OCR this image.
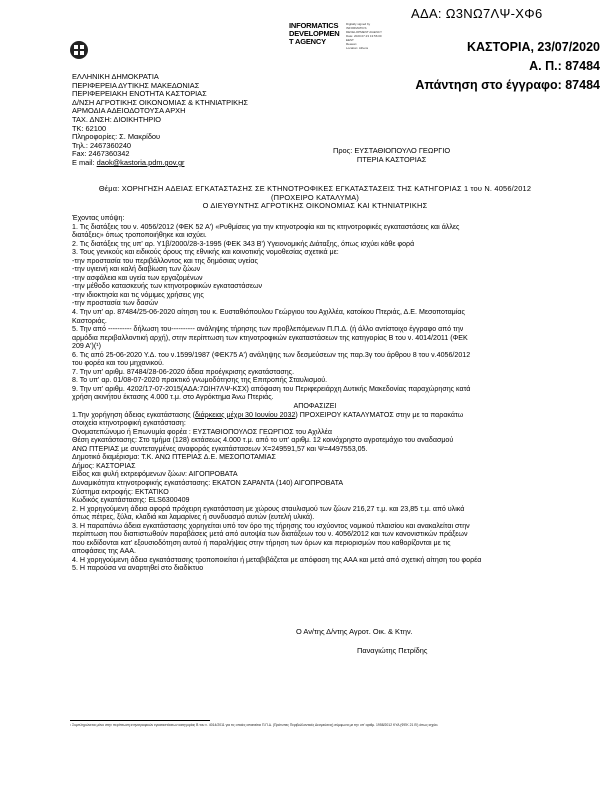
ΑΔΑ: Ω3ΝΩ7ΛΨ-ΧΦ6
INFORMATICS
DEVELOPMEN
T AGENCY
Digitally signed by
INFORMATICS
DEVELOPMENT AGENCY
Date: 2020.07.23 13:56:00
EEST
Reason:
Location: Athens	ΚΑΣΤΟΡΙΑ, 23/07/2020
Α. Π.: 87484
Απάντηση στο έγγραφο: 87484
ΕΛΛΗΝΙΚΗ ΔΗΜΟΚΡΑΤΙΑ
ΠΕΡΙΦΕΡΕΙΑ ΔΥΤΙΚΗΣ ΜΑΚΕΔΟΝΙΑΣ
ΠΕΡΙΦΕΡΕΙΑΚΗ ΕΝΟΤΗΤΑ ΚΑΣΤΟΡΙΑΣ
Δ/ΝΣΗ ΑΓΡΟΤΙΚΗΣ ΟΙΚΟΝΟΜΙΑΣ & ΚΤΗΝΙΑΤΡΙΚΗΣ
ΑΡΜΟΔΙΑ ΑΔΕΙΟΔΟΤΟΥΣΑ ΑΡΧΗ
ΤΑΧ. ΔΝΣΗ: ΔΙΟΙΚΗΤΗΡΙΟ
ΤΚ: 62100
Πληροφορίες: Σ. Μακρίδου
Τηλ.: 2467360240
Fax: 2467360342
E mail: daok@kastoria.pdm.gov.gr
Προς: ΕΥΣΤΑΘΙΟΠΟΥΛΟ ΓΕΩΡΓΙΟ
ΠΤΕΡΙΑ ΚΑΣΤΟΡΙΑΣ
Θέμα: ΧΟΡΗΓΗΣΗ ΑΔΕΙΑΣ ΕΓΚΑΤΑΣΤΑΣΗΣ ΣΕ ΚΤΗΝΟΤΡΟΦΙΚΕΣ ΕΓΚΑΤΑΣΤΑΣΕΙΣ ΤΗΣ ΚΑΤΗΓΟΡΙΑΣ 1 του Ν. 4056/2012 (ΠΡΟΧΕΙΡΟ ΚΑΤΑΛΥΜΑ)
Ο ΔΙΕΥΘΥΝΤΗΣ ΑΓΡΟΤΙΚΗΣ ΟΙΚΟΝΟΜΙΑΣ ΚΑΙ ΚΤΗΝΙΑΤΡΙΚΗΣ
Έχοντας υπόψη:
1. Τις διατάξεις του ν. 4056/2012 (ΦΕΚ 52 Α') «Ρυθμίσεις για την κτηνοτροφία και τις κτηνοτροφικές εγκαταστάσεις και άλλες
διατάξεις» όπως τροποποιήθηκε και ισχύει.
2. Τις διατάξεις της υπ' αρ. Υ1β/2000/28-3-1995 (ΦΕΚ 343 Β') Υγειονομικής Διάταξης, όπως ισχύει κάθε φορά
3. Τους γενικούς και ειδικούς όρους της εθνικής και κοινοτικής νομοθεσίας σχετικά με:
-την προστασία του περιβάλλοντος και της δημόσιας υγείας
-την υγιεινή και καλή διαβίωση των ζώων
-την ασφάλεια και υγεία των εργαζομένων
-την μέθοδο κατασκευής των κτηνοτροφικών εγκαταστάσεων
-την ιδιοκτησία και τις νόμιμες χρήσεις γης
-την προστασία των δασών
4. Την υπ' αρ. 87484/25-06-2020 αίτηση του κ. Ευσταθιόπουλου Γεώργιου του Αχιλλέα, κατοίκου Πτεριάς, Δ.Ε. Μεσοποταμίας
Καστοριάς.
5. Την από ---------- δήλωση του---------- ανάληψης τήρησης των προβλεπόμενων Π.Π.Δ. (ή άλλο αντίστοιχο έγγραφο από την
αρμόδια περιβαλλοντική αρχή), στην περίπτωση των κτηνοτροφικών εγκαταστάσεων της κατηγορίας Β του ν. 4014/2011 (ΦΕΚ
209 Α')(¹)
6. Τις από 25-06-2020 Υ.Δ. του ν.1599/1987 (ΦΕΚ75 Α') ανάληψης των δεσμεύσεων της παρ.3γ του άρθρου 8 του ν.4056/2012
του φορέα και του μηχανικού.
7. Την υπ' αριθμ. 87484/28-06-2020 άδεια προέγκρισης εγκατάστασης.
8. Το υπ' αρ. 01/08-07-2020 πρακτικό γνωμοδότησης της Επιτροπής Σταυλισμού.
9. Την υπ' αριθμ. 4202/17-07-2015(ΑΔΑ:7ΩΙΗ7ΛΨ-ΚΣΧ) απόφαση του Περιφερειάρχη Δυτικής Μακεδονίας παραχώρησης κατά
χρήση ακινήτου έκτασης 4.000 τ.μ. στο Αγρόκτημα Άνω Πτεριάς.
ΑΠΟΦΑΣΙΖΕΙ
1.Την χορήγηση άδειας εγκατάστασης (διάρκειας μέχρι 30 Ιουνίου 2032) ΠΡΟΧΕΙΡΟΥ ΚΑΤΑΛΥΜΑΤΟΣ στην με τα παρακάτω
στοιχεία κτηνοτροφική εγκατάσταση:
Ονοματεπώνυμο ή Επωνυμία φορέα : ΕΥΣΤΑΘΙΟΠΟΥΛΟΣ ΓΕΩΡΓΙΟΣ του Αχιλλέα
Θέση εγκατάστασης: Στο τμήμα (128) εκτάσεως 4.000 τ.μ. από το υπ' αριθμ. 12 κοινόχρηστο αγροτεμάχιο του αναδασμού
ΑΝΩ ΠΤΕΡΙΑΣ με συντεταγμένες αναφοράς εγκατάστασεων Χ=249591,57 και Ψ=4497553,05.
Δημοτικό διαμέρισμα: Τ.Κ. ΑΝΩ ΠΤΕΡΙΑΣ Δ.Ε. ΜΕΣΟΠΟΤΑΜΙΑΣ
Δήμος: ΚΑΣΤΟΡΙΑΣ
Είδος και φυλή εκτρεφόμενων ζώων: ΑΙΓΟΠΡΟΒΑΤΑ
Δυναμικότητα κτηνοτροφικής εγκατάστασης: ΕΚΑΤΟΝ ΣΑΡΑΝΤΑ (140) ΑΙΓΟΠΡΟΒΑΤΑ
Σύστημα εκτροφής: ΕΚΤΑΤΙΚΟ
Κωδικός εγκατάστασης: ELS6300409
2. Η χορηγούμενη άδεια αφορά πρόχειρη εγκατάσταση με χώρους σταυλισμού των ζώων 216,27 τ.μ. και 23,85 τ.μ. από υλικά
όπως πέτρες, ξύλα, κλαδιά και λαμαρίνες ή συνδυασμό αυτών (ευτελή υλικά).
3. Η παραπάνω άδεια εγκατάστασης χορηγείται υπό τον όρο της τήρησης του ισχύοντος νομικού πλαισίου και ανακαλείται στην
περίπτωση που διαπιστωθούν παραβάσεις μετά από αυτοψία των διατάξεων του ν. 4056/2012 και των κανονιστικών πράξεων
που εκδίδονται κατ' εξουσιοδότηση αυτού ή παραλήψεις στην τήρηση των όρων και περιορισμών που καθορίζονται με τις
αποφάσεις της ΑΑΑ.
4. Η χορηγούμενη άδεια εγκατάστασης τροποποιείται ή μεταβιβάζεται με απόφαση της ΑΑΑ και μετά από σχετική αίτηση του φορέα
5. Η παρούσα να αναρτηθεί στο διαδίκτυο
Ο Αν/της Δ/ντης Αγροτ. Οικ. & Κτην.
Παναγιώτης Πετρίδης
¹ Συμπληρώνεται μόνο στην περίπτωση κτηνοτροφικών εγκαταστάσεων κατηγορίας Β του ν. 4014/2011 για τις οποίες απαιτείται Π.Π.Δ. (Πρότυπες Περιβαλλοντικές Δεσμεύσεις) σύμφωνα με την υπ' αριθμ. 1958/2012 ΚΥΑ (ΦΕΚ 21 Β') όπως ισχύει.
